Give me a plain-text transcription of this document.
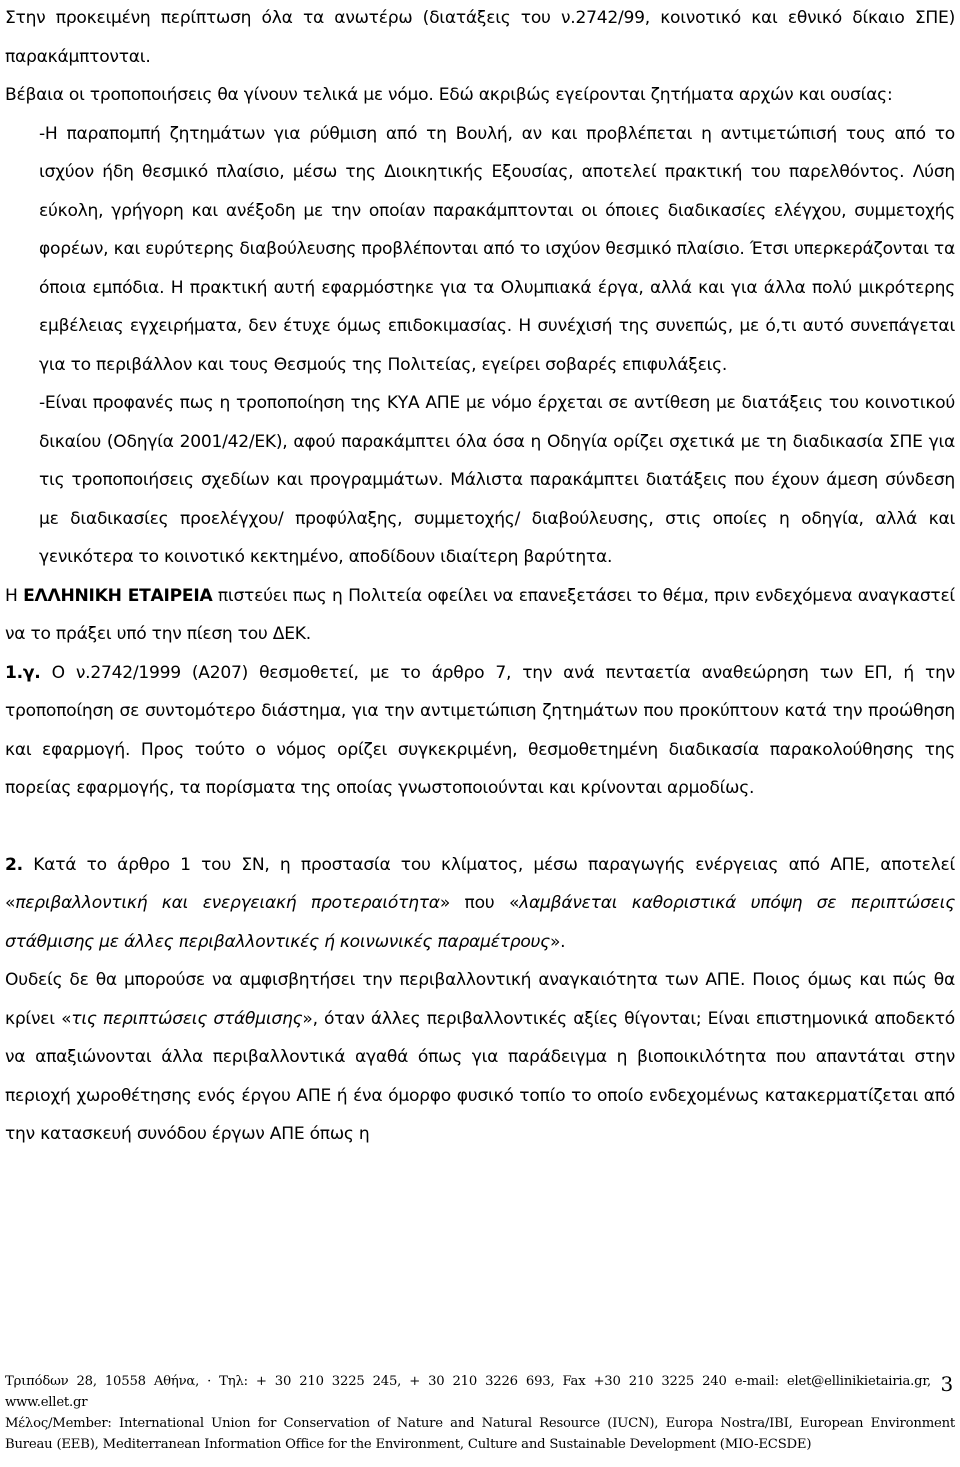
Στην προκειμένη περίπτωση όλα τα ανωτέρω (διατάξεις του ν.2742/99, κοινοτικό και εθνικό δίκαιο ΣΠΕ) παρακάμπτονται.

Βέβαια οι τροποποιήσεις θα γίνουν τελικά με νόμο. Εδώ ακριβώς εγείρονται ζητήματα αρχών και ουσίας:

-Η παραπομπή ζητημάτων για ρύθμιση από τη Βουλή, αν και προβλέπεται η αντιμετώπισή τους από το ισχύον ήδη θεσμικό πλαίσιο, μέσω της Διοικητικής Εξουσίας, αποτελεί πρακτική του παρελθόντος. Λύση εύκολη, γρήγορη και ανέξοδη με την οποίαν παρακάμπτονται οι όποιες διαδικασίες ελέγχου, συμμετοχής φορέων, και ευρύτερης διαβούλευσης προβλέπονται από το ισχύον θεσμικό πλαίσιο. Έτσι υπερκεράζονται τα όποια εμπόδια. Η πρακτική αυτή εφαρμόστηκε για τα Ολυμπιακά έργα, αλλά και για άλλα πολύ μικρότερης εμβέλειας εγχειρήματα, δεν έτυχε όμως επιδοκιμασίας. Η συνέχισή της συνεπώς, με ό,τι αυτό συνεπάγεται για το περιβάλλον και τους Θεσμούς της Πολιτείας, εγείρει σοβαρές επιφυλάξεις.

-Είναι προφανές πως η τροποποίηση της ΚΥΑ ΑΠΕ με νόμο έρχεται σε αντίθεση με διατάξεις του κοινοτικού δικαίου (Οδηγία 2001/42/ΕΚ), αφού παρακάμπτει όλα όσα η Οδηγία ορίζει σχετικά με τη διαδικασία ΣΠΕ για τις τροποποιήσεις σχεδίων και προγραμμάτων. Μάλιστα παρακάμπτει διατάξεις που έχουν άμεση σύνδεση με διαδικασίες προελέγχου/ προφύλαξης, συμμετοχής/ διαβούλευσης, στις οποίες η οδηγία, αλλά και γενικότερα το κοινοτικό κεκτημένο, αποδίδουν ιδιαίτερη βαρύτητα.

Η ΕΛΛΗΝΙΚΗ ΕΤΑΙΡΕΙΑ πιστεύει πως η Πολιτεία οφείλει να επανεξετάσει το θέμα, πριν ενδεχόμενα αναγκαστεί να το πράξει υπό την πίεση του ΔΕΚ.

1.γ. Ο ν.2742/1999 (Α207) θεσμοθετεί, με το άρθρο 7, την ανά πενταετία αναθεώρηση των ΕΠ, ή την τροποποίηση σε συντομότερο διάστημα, για την αντιμετώπιση ζητημάτων που προκύπτουν κατά την προώθηση και εφαρμογή. Προς τούτο ο νόμος ορίζει συγκεκριμένη, θεσμοθετημένη διαδικασία παρακολούθησης της πορείας εφαρμογής, τα πορίσματα της οποίας γνωστοποιούνται και κρίνονται αρμοδίως.

2. Κατά το άρθρο 1 του ΣΝ, η προστασία του κλίματος, μέσω παραγωγής ενέργειας από ΑΠΕ, αποτελεί «περιβαλλοντική και ενεργειακή προτεραιότητα» που «λαμβάνεται καθοριστικά υπόψη σε περιπτώσεις στάθμισης με άλλες περιβαλλοντικές ή κοινωνικές παραμέτρους».

Ουδείς δε θα μπορούσε να αμφισβητήσει την περιβαλλοντική αναγκαιότητα των ΑΠΕ. Ποιος όμως και πώς θα κρίνει «τις περιπτώσεις στάθμισης», όταν άλλες περιβαλλοντικές αξίες θίγονται; Είναι επιστημονικά αποδεκτό να απαξιώνονται άλλα περιβαλλοντικά αγαθά όπως για παράδειγμα η βιοποικιλότητα που απαντάται στην περιοχή χωροθέτησης ενός έργου ΑΠΕ ή ένα όμορφο φυσικό τοπίο το οποίο ενδεχομένως κατακερματίζεται από την κατασκευή συνόδου έργων ΑΠΕ όπως η

Τριπόδων 28, 10558 Αθήνα, · Τηλ: + 30 210 3225 245, + 30 210 3226 693, Fax +30 210 3225 240 e-mail: elet@ellinikietairia.gr, 3

www.ellet.gr

Μέλος/Member: International Union for Conservation of Nature and Natural Resource (IUCN), Europa Nostra/IBI, European Environment Bureau (EEB), Mediterranean Information Office for the Environment, Culture and Sustainable Development (MIO-ECSDE)
